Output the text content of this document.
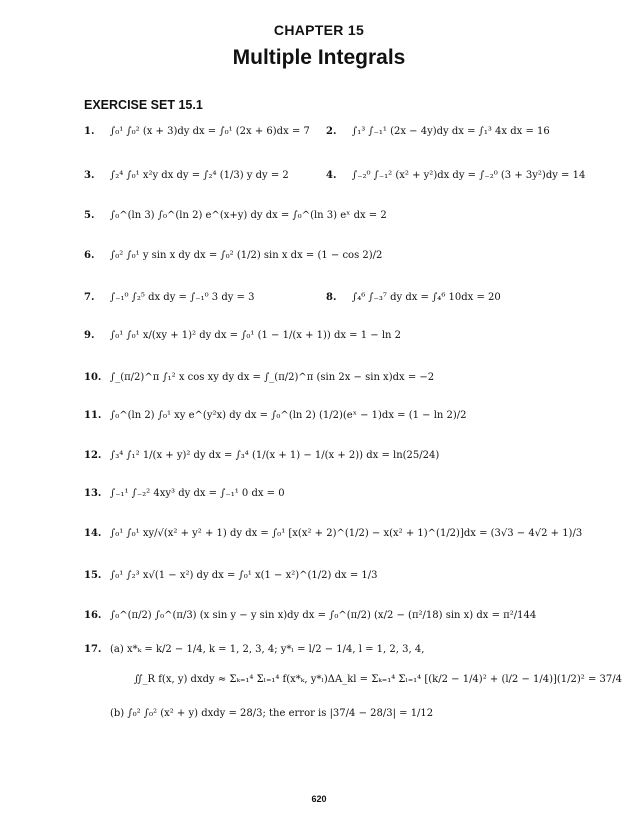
CHAPTER 15
Multiple Integrals
EXERCISE SET 15.1
1.	∫₀¹ ∫₀² (x + 3)dy dx = ∫₀¹ (2x + 6)dx = 7 2.	∫₁³ ∫₋₁¹ (2x − 4y)dy dx = ∫₁³ 4x dx = 16
3.	∫₂⁴ ∫₀¹ x²y dx dy = ∫₂⁴ (1/3) y dy = 2	4.	∫₋₂⁰ ∫₋₁² (x² + y²)dx dy = ∫₋₂⁰ (3 + 3y²)dy = 14
5.	∫₀^(ln 3) ∫₀^(ln 2) e^(x+y) dy dx = ∫₀^(ln 3) eˣ dx = 2
6.	∫₀² ∫₀¹ y sin x dy dx = ∫₀² (1/2) sin x dx = (1 − cos 2)/2
7.	∫₋₁⁰ ∫₂⁵ dx dy = ∫₋₁⁰ 3 dy = 3	8.	∫₄⁶ ∫₋₃⁷ dy dx = ∫₄⁶ 10dx = 20
9.	∫₀¹ ∫₀¹ x/(xy + 1)² dy dx = ∫₀¹ (1 − 1/(x + 1)) dx = 1 − ln 2
10. ∫_(π/2)^π ∫₁² x cos xy dy dx = ∫_(π/2)^π (sin 2x − sin x)dx = −2
11. ∫₀^(ln 2) ∫₀¹ xy e^(y²x) dy dx = ∫₀^(ln 2) (1/2)(eˣ − 1)dx = (1 − ln 2)/2
12. ∫₃⁴ ∫₁² 1/(x + y)² dy dx = ∫₃⁴ (1/(x + 1) − 1/(x + 2)) dx = ln(25/24)
13. ∫₋₁¹ ∫₋₂² 4xy³ dy dx = ∫₋₁¹ 0 dx = 0
14. ∫₀¹ ∫₀¹ xy/√(x² + y² + 1) dy dx = ∫₀¹ [x(x² + 2)^(1/2) − x(x² + 1)^(1/2)]dx = (3√3 − 4√2 + 1)/3
15. ∫₀¹ ∫₂³ x√(1 − x²) dy dx = ∫₀¹ x(1 − x²)^(1/2) dx = 1/3
16. ∫₀^(π/2) ∫₀^(π/3) (x sin y − y sin x)dy dx = ∫₀^(π/2) (x/2 − (π²/18) sin x) dx = π²/144
17. (a) x*ₖ = k/2 − 1/4, k = 1, 2, 3, 4; y*ₗ = l/2 − 1/4, l = 1, 2, 3, 4,
∬_R f(x, y) dxdy ≈ Σₖ₌₁⁴ Σₗ₌₁⁴ f(x*ₖ, y*ₗ)ΔA_kl = Σₖ₌₁⁴ Σₗ₌₁⁴ [(k/2 − 1/4)² + (l/2 − 1/4)](1/2)² = 37/4
(b) ∫₀² ∫₀² (x² + y) dxdy = 28/3; the error is |37/4 − 28/3| = 1/12
620
